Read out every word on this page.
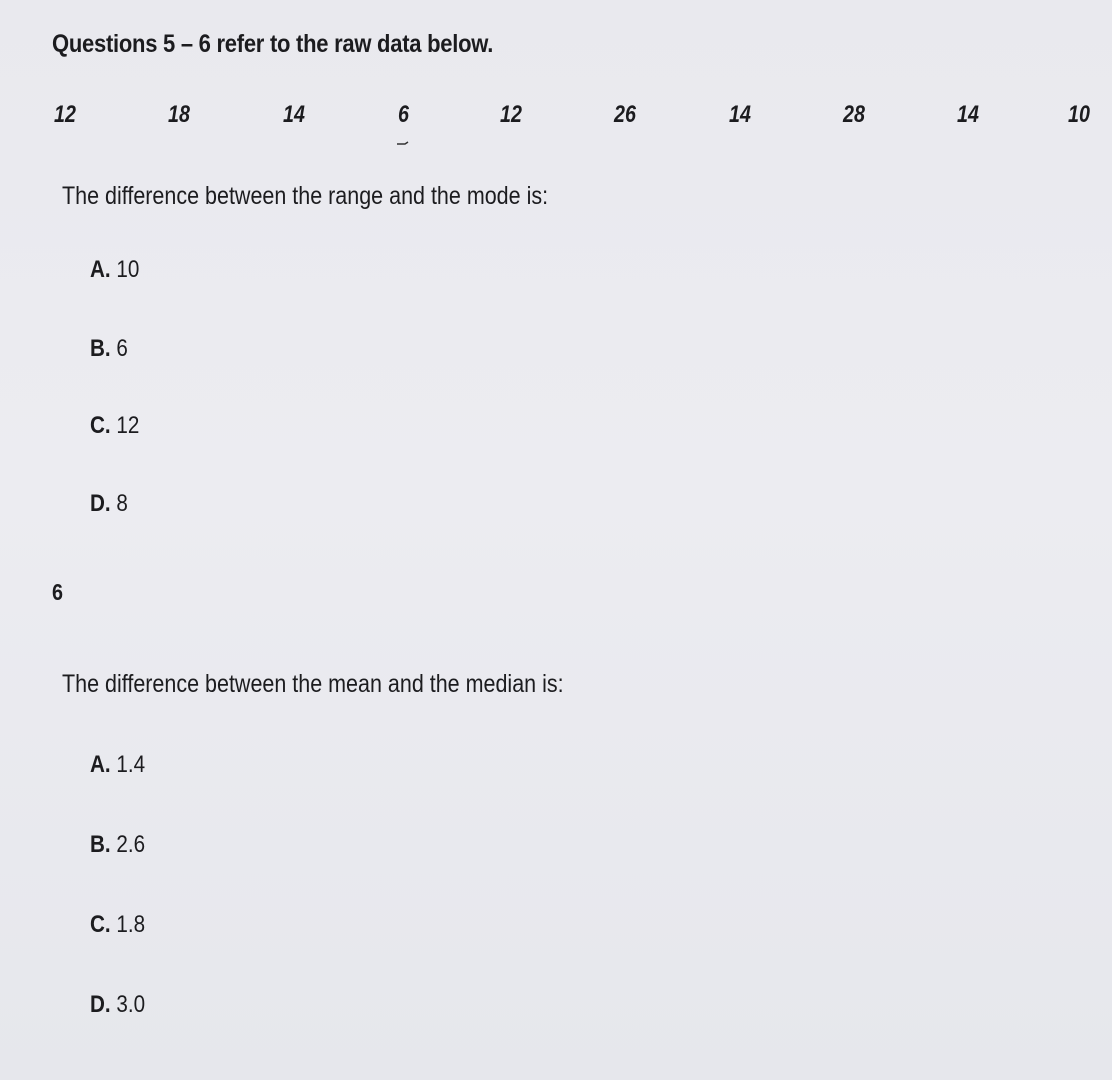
Questions 5 – 6 refer to the raw data below.
12	18	14	6	12	26	14	28	14	10
The difference between the range and the mode is:
A. 10
B. 6
C. 12
D. 8
6
The difference between the mean and the median is:
A. 1.4
B. 2.6
C. 1.8
D. 3.0
